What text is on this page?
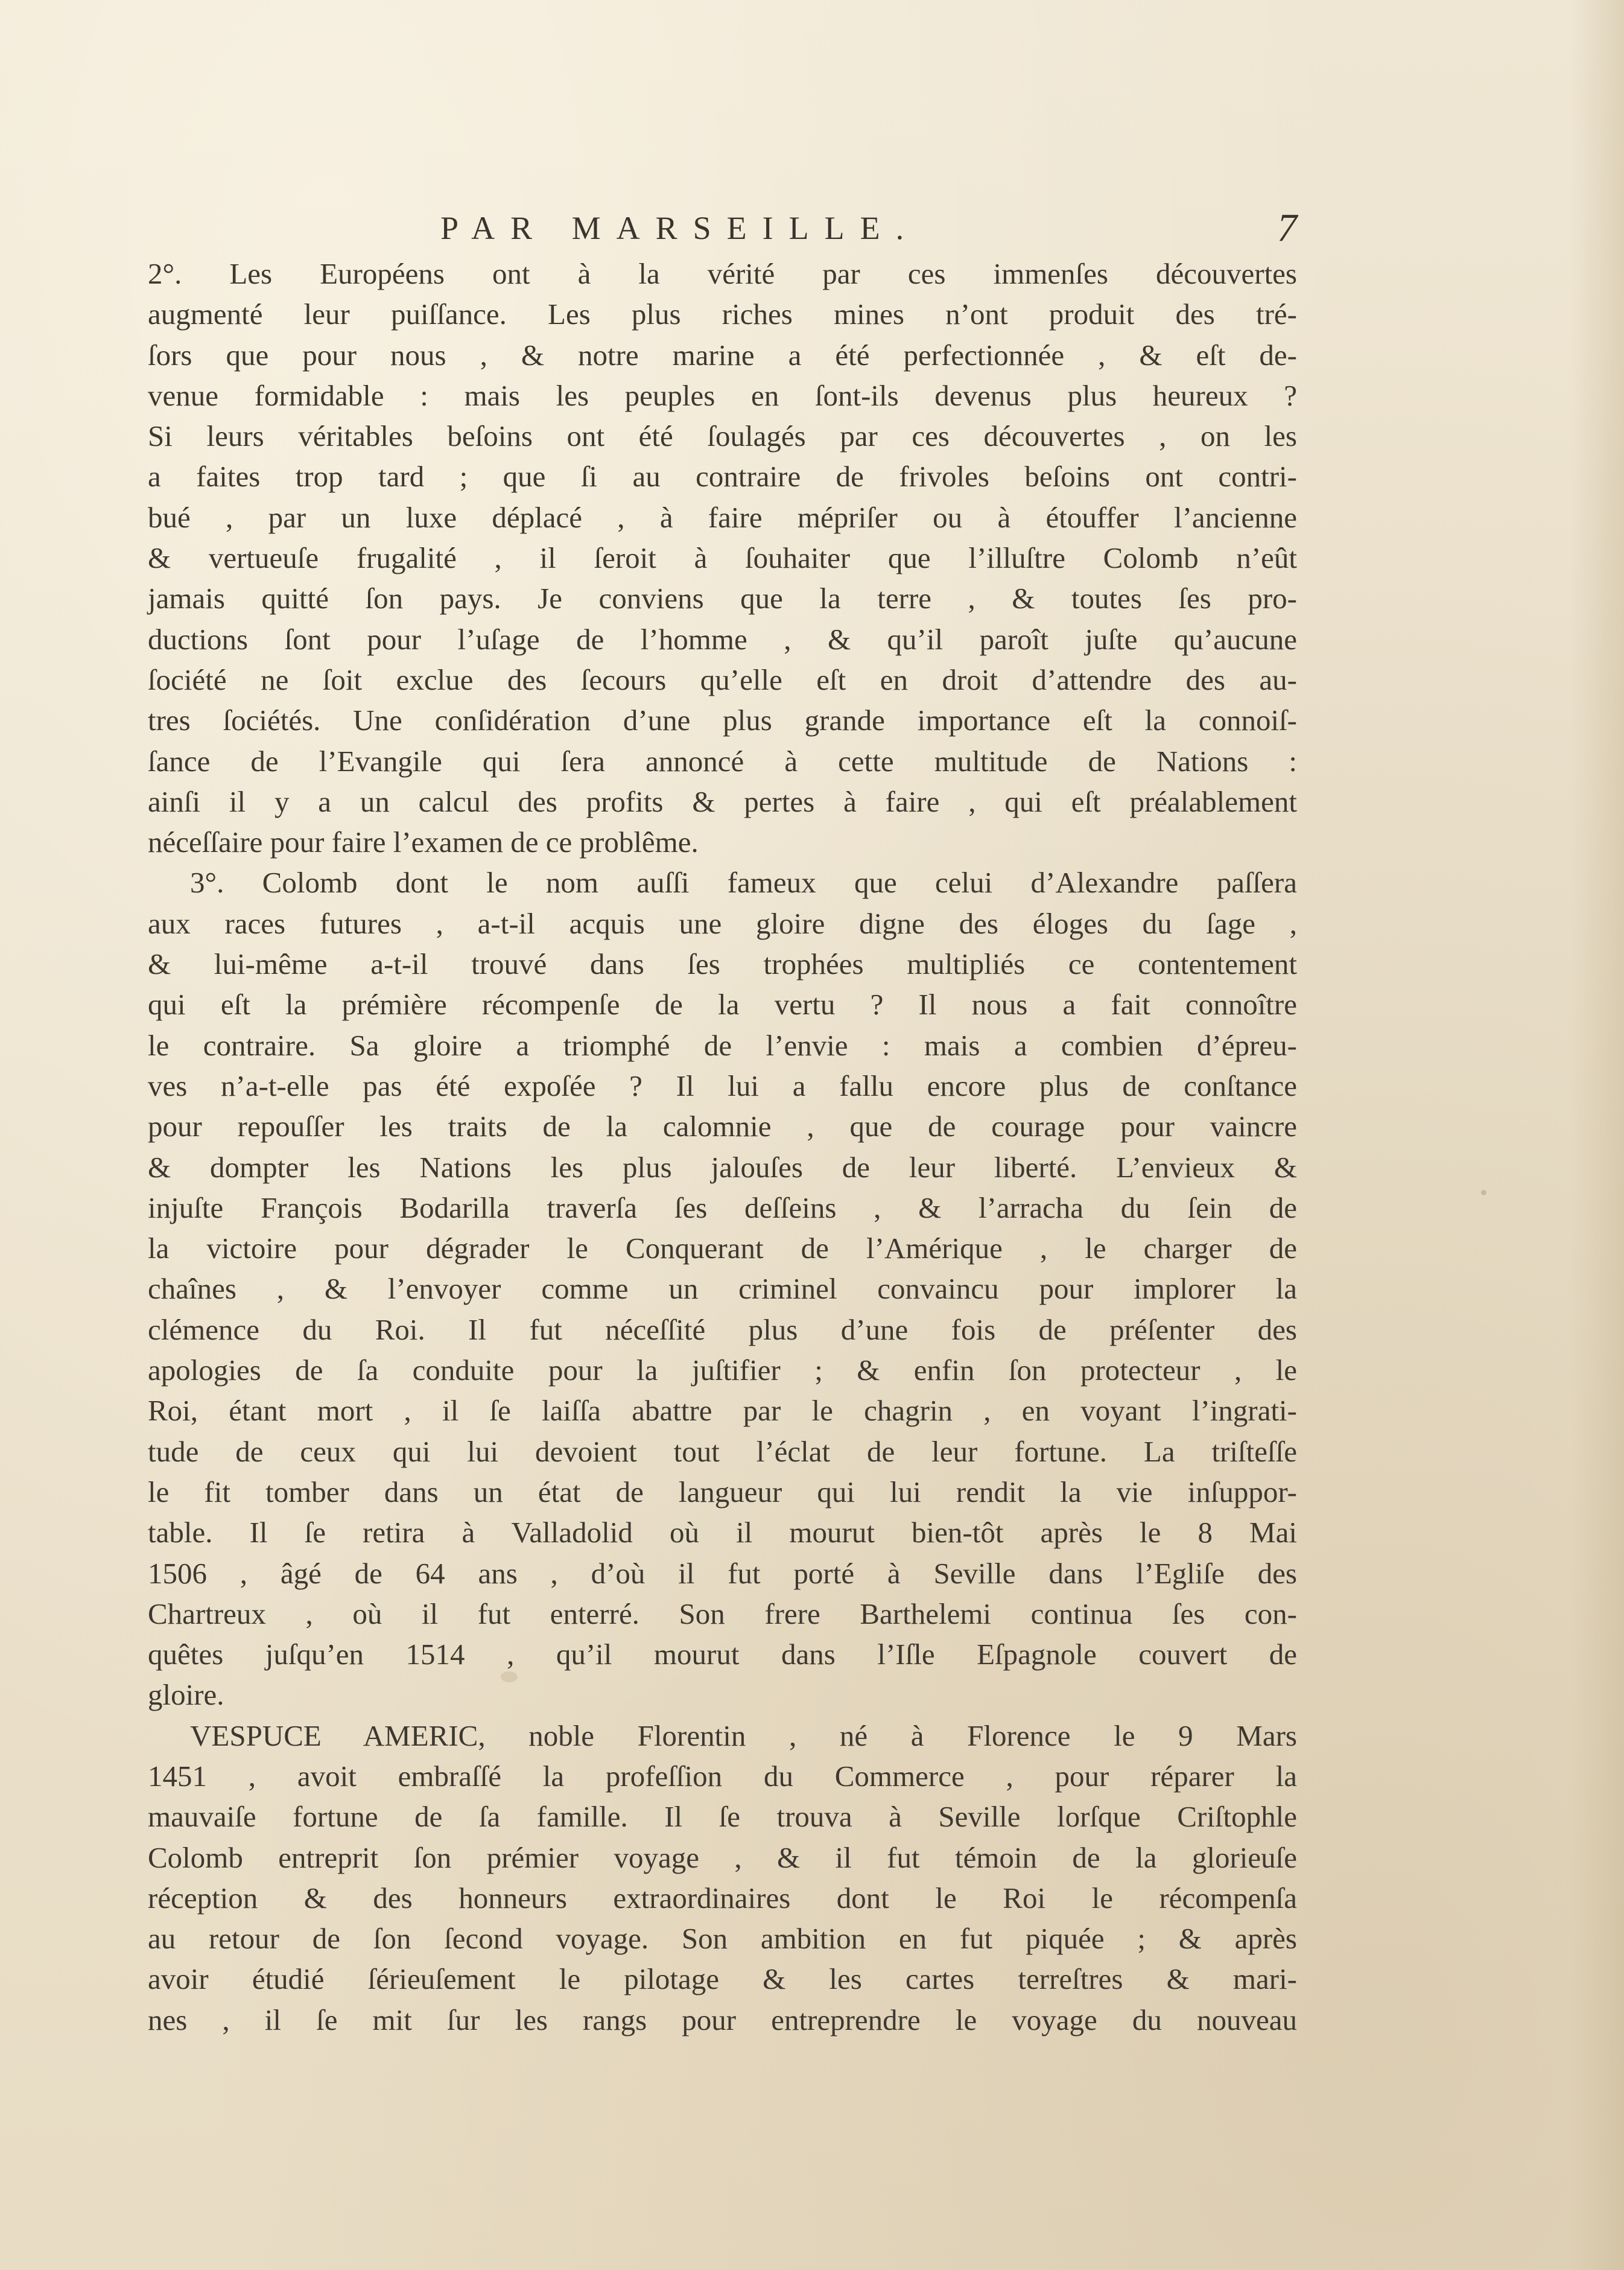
PAR MARSEILLE.	7
2°. Les Européens ont à la vérité par ces immenſes découvertes
augmenté leur puiſſance. Les plus riches mines n’ont produit des tré-
ſors que pour nous , & notre marine a été perfectionnée , & eſt de-
venue formidable : mais les peuples en ſont-ils devenus plus heureux ?
Si leurs véritables beſoins ont été ſoulagés par ces découvertes , on les
a faites trop tard ; que ſi au contraire de frivoles beſoins ont contri-
bué , par un luxe déplacé , à faire mépriſer ou à étouffer l’ancienne
& vertueuſe frugalité , il ſeroit à ſouhaiter que l’illuſtre Colomb n’eût
jamais quitté ſon pays. Je conviens que la terre , & toutes ſes pro-
ductions ſont pour l’uſage de l’homme , & qu’il paroît juſte qu’aucune
ſociété ne ſoit exclue des ſecours qu’elle eſt en droit d’attendre des au-
tres ſociétés. Une conſidération d’une plus grande importance eſt la connoiſ-
ſance de l’Evangile qui ſera annoncé à cette multitude de Nations :
ainſi il y a un calcul des profits & pertes à faire , qui eſt préalablement
néceſſaire pour faire l’examen de ce problême.
3°. Colomb dont le nom auſſi fameux que celui d’Alexandre paſſera
aux races futures , a-t-il acquis une gloire digne des éloges du ſage ,
& lui-même a-t-il trouvé dans ſes trophées multipliés ce contentement
qui eſt la prémière récompenſe de la vertu ? Il nous a fait connoître
le contraire. Sa gloire a triomphé de l’envie : mais a combien d’épreu-
ves n’a-t-elle pas été expoſée ? Il lui a fallu encore plus de conſtance
pour repouſſer les traits de la calomnie , que de courage pour vaincre
& dompter les Nations les plus jalouſes de leur liberté. L’envieux &
injuſte François Bodarilla traverſa ſes deſſeins , & l’arracha du ſein de
la victoire pour dégrader le Conquerant de l’Amérique , le charger de
chaînes , & l’envoyer comme un criminel convaincu pour implorer la
clémence du Roi. Il fut néceſſité plus d’une fois de préſenter des
apologies de ſa conduite pour la juſtifier ; & enfin ſon protecteur , le
Roi, étant mort , il ſe laiſſa abattre par le chagrin , en voyant l’ingrati-
tude de ceux qui lui devoient tout l’éclat de leur fortune. La triſteſſe
le fit tomber dans un état de langueur qui lui rendit la vie inſuppor-
table. Il ſe retira à Valladolid où il mourut bien-tôt après le 8 Mai
1506 , âgé de 64 ans , d’où il fut porté à Seville dans l’Egliſe des
Chartreux , où il fut enterré. Son frere Barthelemi continua ſes con-
quêtes juſqu’en 1514 , qu’il mourut dans l’Iſle Eſpagnole couvert de
gloire.
VESPUCE AMERIC, noble Florentin , né à Florence le 9 Mars
1451 , avoit embraſſé la profeſſion du Commerce , pour réparer la
mauvaiſe fortune de ſa famille. Il ſe trouva à Seville lorſque Criſtophle
Colomb entreprit ſon prémier voyage , & il fut témoin de la glorieuſe
réception & des honneurs extraordinaires dont le Roi le récompenſa
au retour de ſon ſecond voyage. Son ambition en fut piquée ; & après
avoir étudié ſérieuſement le pilotage & les cartes terreſtres & mari-
nes , il ſe mit ſur les rangs pour entreprendre le voyage du nouveau
